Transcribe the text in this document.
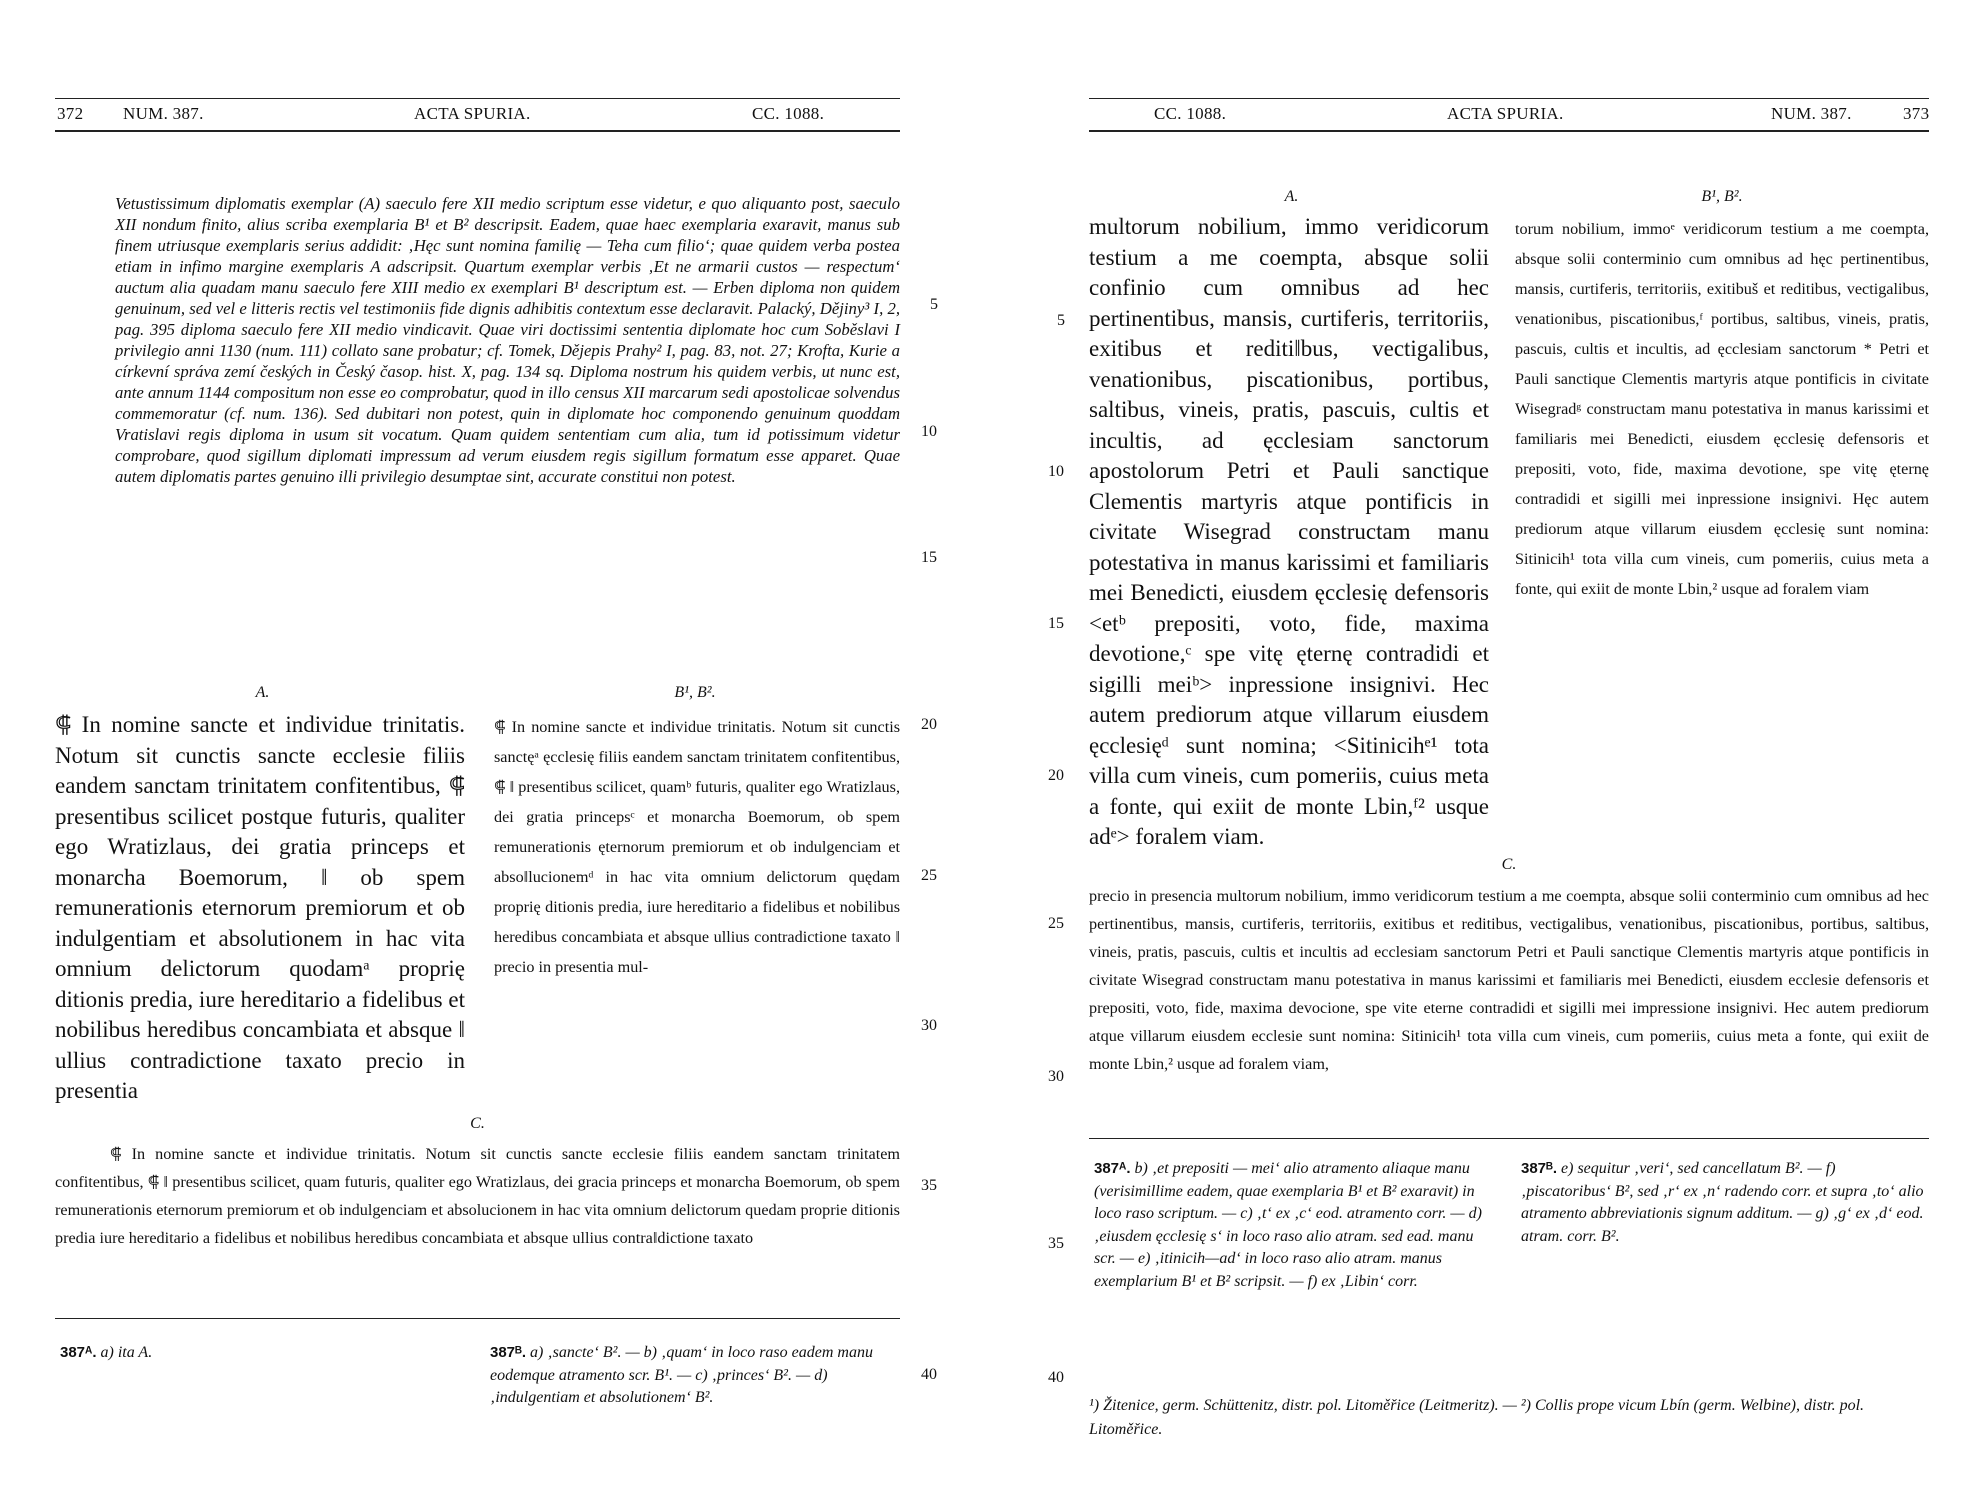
372 NUM. 387.	ACTA SPURIA.	CC. 1088.
Vetustissimum diplomatis exemplar (A) saeculo fere XII medio scriptum esse videtur, e quo aliquanto post, saeculo XII nondum finito, alius scriba exemplaria B¹ et B² descripsit. Eadem, quae haec exemplaria exaravit, manus sub finem utriusque exemplaris serius addidit: ‚Hęc sunt nomina familię — Teha cum filio‘; quae quidem verba postea etiam in infimo margine exemplaris A adscripsit. Quartum exemplar verbis ‚Et ne armarii custos — respectum‘ auctum alia quadam manu saeculo fere XIII medio ex exemplari B¹ descriptum est. — Erben diploma non quidem genuinum, sed vel e litteris rectis vel testimoniis fide dignis adhibitis contextum esse declaravit. Palacký, Dějiny³ I, 2, pag. 395 diploma saeculo fere XII medio vindicavit. Quae viri doctissimi sententia diplomate hoc cum Soběslavi I privilegio anni 1130 (num. 111) collato sane probatur; cf. Tomek, Dějepis Prahy² I, pag. 83, not. 27; Krofta, Kurie a církevní správa zemí českých in Český časop. hist. X, pag. 134 sq. Diploma nostrum his quidem verbis, ut nunc est, ante annum 1144 compositum non esse eo comprobatur, quod in illo census XII marcarum sedi apostolicae solvendus commemoratur (cf. num. 136). Sed dubitari non potest, quin in diplomate hoc componendo genuinum quoddam Vratislavi regis diploma in usum sit vocatum. Quam quidem sententiam cum alia, tum id potissimum videtur comprobare, quod sigillum diplomati impressum ad verum eiusdem regis sigillum formatum esse apparet. Quae autem diplomatis partes genuino illi privilegio desumptae sint, accurate constitui non potest.
A.
⸿ In nomine sancte et individue trinitatis. Notum sit cunctis sancte ecclesie filiis eandem sanctam trinitatem confitentibus, ⸿ presentibus scilicet postque futuris, qualiter ego Wratizlaus, dei gratia princeps et monarcha Boemorum, ‖ ob spem remunerationis eternorum premiorum et ob indulgentiam et absolutionem in hac vita omnium delictorum quodamᵃ proprię ditionis predia, iure hereditario a fidelibus et nobilibus heredibus concambiata et absque ‖ ullius contradictione taxato precio in presentia
B¹, B².
⸿ In nomine sancte et individue trinitatis. Notum sit cunctis sanctęᵃ ęcclesię filiis eandem sanctam trinitatem confitentibus, ⸿ ‖ presentibus scilicet, quamᵇ futuris, qualiter ego Wratizlaus, dei gratia princepsᶜ et monarcha Boemorum, ob spem remunerationis ęternorum premiorum et ob indulgenciam et abso‖lucionemᵈ in hac vita omnium delictorum quędam proprię ditionis predia, iure hereditario a fidelibus et nobilibus heredibus concambiata et absque ullius contradictione taxato ‖ precio in presentia mul-
C.
⸿ In nomine sancte et individue trinitatis. Notum sit cunctis sancte ecclesie filiis eandem sanctam trinitatem confitentibus, ⸿ ‖ presentibus scilicet, quam futuris, qualiter ego Wratizlaus, dei gracia princeps et monarcha Boemorum, ob spem remunerationis eternorum premiorum et ob indulgenciam et absolucionem in hac vita omnium delictorum quedam proprie ditionis predia iure hereditario a fidelibus et nobilibus heredibus concambiata et absque ullius contra‖dictione taxato
5
10
15
20
25
30
35
40
387ᴬ. a) ita A.	387ᴮ. a) ‚sancte‘ B². — b) ‚quam‘ in loco raso eadem manu eodemque atramento scr. B¹. — c) ‚princes‘ B². — d) ‚indulgentiam et absolutionem‘ B².
CC. 1088.	ACTA SPURIA.	NUM. 387.	373
A.
multorum nobilium, immo veridicorum testium a me coempta, absque solii confinio cum omnibus ad hec pertinentibus, mansis, curtiferis, territoriis, exitibus et rediti‖bus, vectigalibus, venationibus, piscationibus, portibus, saltibus, vineis, pratis, pascuis, cultis et incultis, ad ęcclesiam sanctorum apostolorum Petri et Pauli sanctique Clementis martyris atque pontificis in civitate Wisegrad constructam manu potestativa in manus karissimi et familiaris mei Benedicti, eiusdem ęcclesię defensoris <etᵇ prepositi, voto, fide, maxima devotione,ᶜ spe vitę ęternę contradidi et sigilli meiᵇ> inpressione insignivi. Hec autem prediorum atque villarum eiusdem ęcclesięᵈ sunt nomina; <Sitinicihᵉ¹ tota villa cum vineis, cum pomeriis, cuius meta a fonte, qui exiit de monte Lbin,ᶠ² usque adᵉ> foralem viam.
B¹, B².
torum nobilium, immoᵉ veridicorum testium a me coempta, absque solii conterminio cum omnibus ad hęc pertinentibus, mansis, curtiferis, territoriis, exitibuš et reditibus, vectigalibus, venationibus, piscationibus,ᶠ portibus, saltibus, vineis, pratis, pascuis, cultis et incultis, ad ęcclesiam sanctorum * Petri et Pauli sanctique Clementis martyris atque pontificis in civitate Wisegradᵍ constructam manu potestativa in manus karissimi et familiaris mei Benedicti, eiusdem ęcclesię defensoris et prepositi, voto, fide, maxima devotione, spe vitę ęternę contradidi et sigilli mei inpressione insignivi. Hęc autem prediorum atque villarum eiusdem ęcclesię sunt nomina: Sitinicih¹ tota villa cum vineis, cum pomeriis, cuius meta a fonte, qui exiit de monte Lbin,² usque ad foralem viam
C.
precio in presencia multorum nobilium, immo veridicorum testium a me coempta, absque solii conterminio cum omnibus ad hec pertinentibus, mansis, curtiferis, territoriis, exitibus et reditibus, vectigalibus, venationibus, piscationibus, portibus, saltibus, vineis, pratis, pascuis, cultis et incultis ad ecclesiam sanctorum Petri et Pauli sanctique Clementis martyris atque pontificis in civitate Wisegrad constructam manu potestativa in manus karissimi et familiaris mei Benedicti, eiusdem ecclesie defensoris et prepositi, voto, fide, maxima devocione, spe vite eterne contradidi et sigilli mei impressione insignivi. Hec autem prediorum atque villarum eiusdem ecclesie sunt nomina: Sitinicih¹ tota villa cum vineis, cum pomeriis, cuius meta a fonte, qui exiit de monte Lbin,² usque ad foralem viam,
5
10
15
20
25
30
35
40
387ᴬ. b) ‚et prepositi — mei‘ alio atramento aliaque manu (verisimillime eadem, quae exemplaria B¹ et B² exaravit) in loco raso scriptum. — c) ‚t‘ ex ‚c‘ eod. atramento corr. — d) ‚eiusdem ęcclesię s‘ in loco raso alio atram. sed ead. manu scr. — e) ‚itinicih—ad‘ in loco raso alio atram. manus exemplarium B¹ et B² scripsit. — f) ex ‚Libin‘ corr.
387ᴮ. e) sequitur ‚veri‘, sed cancellatum B². — f) ‚piscatoribus‘ B², sed ‚r‘ ex ‚n‘ radendo corr. et supra ‚to‘ alio atramento abbreviationis signum additum. — g) ‚g‘ ex ‚d‘ eod. atram. corr. B².
¹) Žitenice, germ. Schüttenitz, distr. pol. Litoměřice (Leitmeritz). — ²) Collis prope vicum Lbín (germ. Welbine), distr. pol. Litoměřice.
